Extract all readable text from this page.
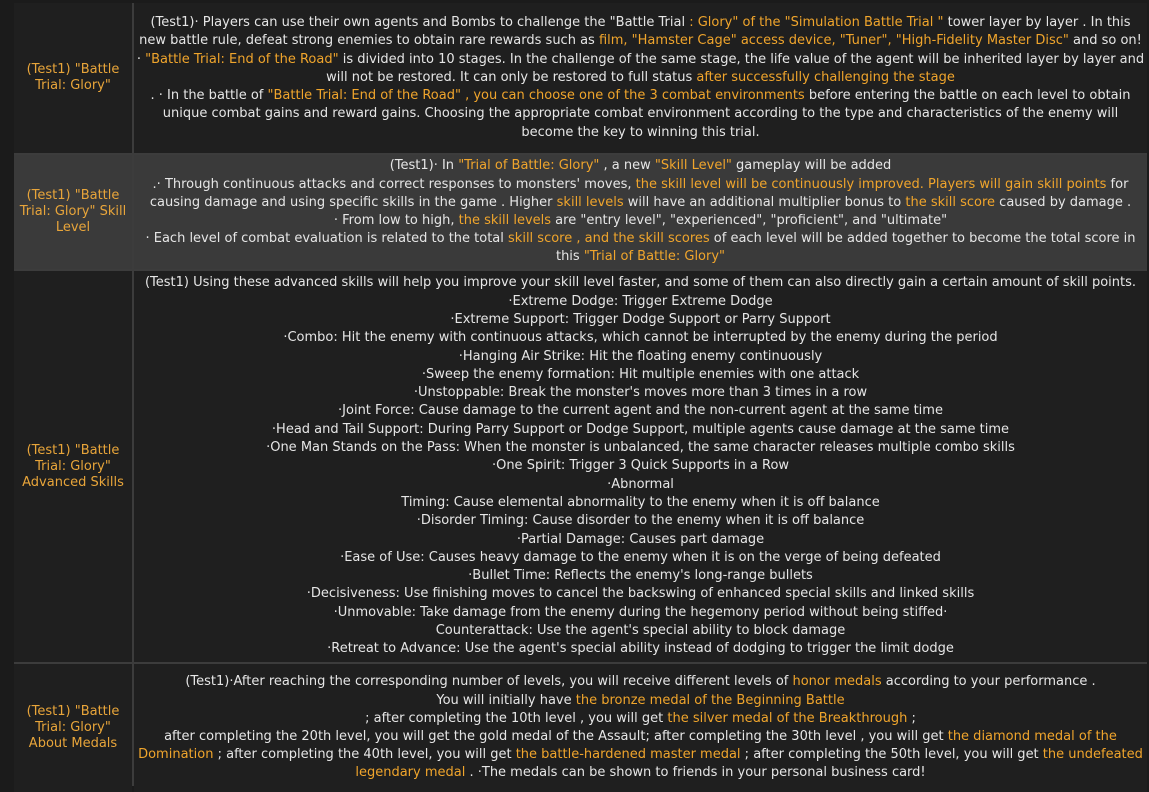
(Test1) "Battle Trial: Glory"
(Test1)· Players can use their own agents and Bombs to challenge the "Battle Trial : Glory" of the "Simulation Battle Trial " tower layer by layer . In this new battle rule, defeat strong enemies to obtain rare rewards such as film, "Hamster Cage" access device, "Tuner", "High-Fidelity Master Disc" and so on!
· "Battle Trial: End of the Road" is divided into 10 stages. In the challenge of the same stage, the life value of the agent will be inherited layer by layer and will not be restored. It can only be restored to full status after successfully challenging the stage
. · In the battle of "Battle Trial: End of the Road" , you can choose one of the 3 combat environments before entering the battle on each level to obtain unique combat gains and reward gains. Choosing the appropriate combat environment according to the type and characteristics of the enemy will become the key to winning this trial.
(Test1) "Battle Trial: Glory" Skill Level
(Test1)· In "Trial of Battle: Glory" , a new "Skill Level" gameplay will be added
.· Through continuous attacks and correct responses to monsters' moves, the skill level will be continuously improved. Players will gain skill points for causing damage and using specific skills in the game . Higher skill levels will have an additional multiplier bonus to the skill score caused by damage .
· From low to high, the skill levels are "entry level", "experienced", "proficient", and "ultimate"
· Each level of combat evaluation is related to the total skill score , and the skill scores of each level will be added together to become the total score in this "Trial of Battle: Glory"
(Test1) "Battle Trial: Glory" Advanced Skills
(Test1) Using these advanced skills will help you improve your skill level faster, and some of them can also directly gain a certain amount of skill points.
·Extreme Dodge: Trigger Extreme Dodge
·Extreme Support: Trigger Dodge Support or Parry Support
·Combo: Hit the enemy with continuous attacks, which cannot be interrupted by the enemy during the period
·Hanging Air Strike: Hit the floating enemy continuously
·Sweep the enemy formation: Hit multiple enemies with one attack
·Unstoppable: Break the monster's moves more than 3 times in a row
·Joint Force: Cause damage to the current agent and the non-current agent at the same time
·Head and Tail Support: During Parry Support or Dodge Support, multiple agents cause damage at the same time
·One Man Stands on the Pass: When the monster is unbalanced, the same character releases multiple combo skills
·One Spirit: Trigger 3 Quick Supports in a Row
·Abnormal
Timing: Cause elemental abnormality to the enemy when it is off balance
·Disorder Timing: Cause disorder to the enemy when it is off balance
·Partial Damage: Causes part damage
·Ease of Use: Causes heavy damage to the enemy when it is on the verge of being defeated
·Bullet Time: Reflects the enemy's long-range bullets
·Decisiveness: Use finishing moves to cancel the backswing of enhanced special skills and linked skills
·Unmovable: Take damage from the enemy during the hegemony period without being stiffed·
Counterattack: Use the agent's special ability to block damage
·Retreat to Advance: Use the agent's special ability instead of dodging to trigger the limit dodge
(Test1) "Battle Trial: Glory" About Medals
(Test1)·After reaching the corresponding number of levels, you will receive different levels of honor medals according to your performance .
You will initially have the bronze medal of the Beginning Battle
; after completing the 10th level , you will get the silver medal of the Breakthrough ;
after completing the 20th level, you will get the gold medal of the Assault; after completing the 30th level , you will get the diamond medal of the Domination ; after completing the 40th level, you will get the battle-hardened master medal ; after completing the 50th level, you will get the undefeated legendary medal . ·The medals can be shown to friends in your personal business card!
